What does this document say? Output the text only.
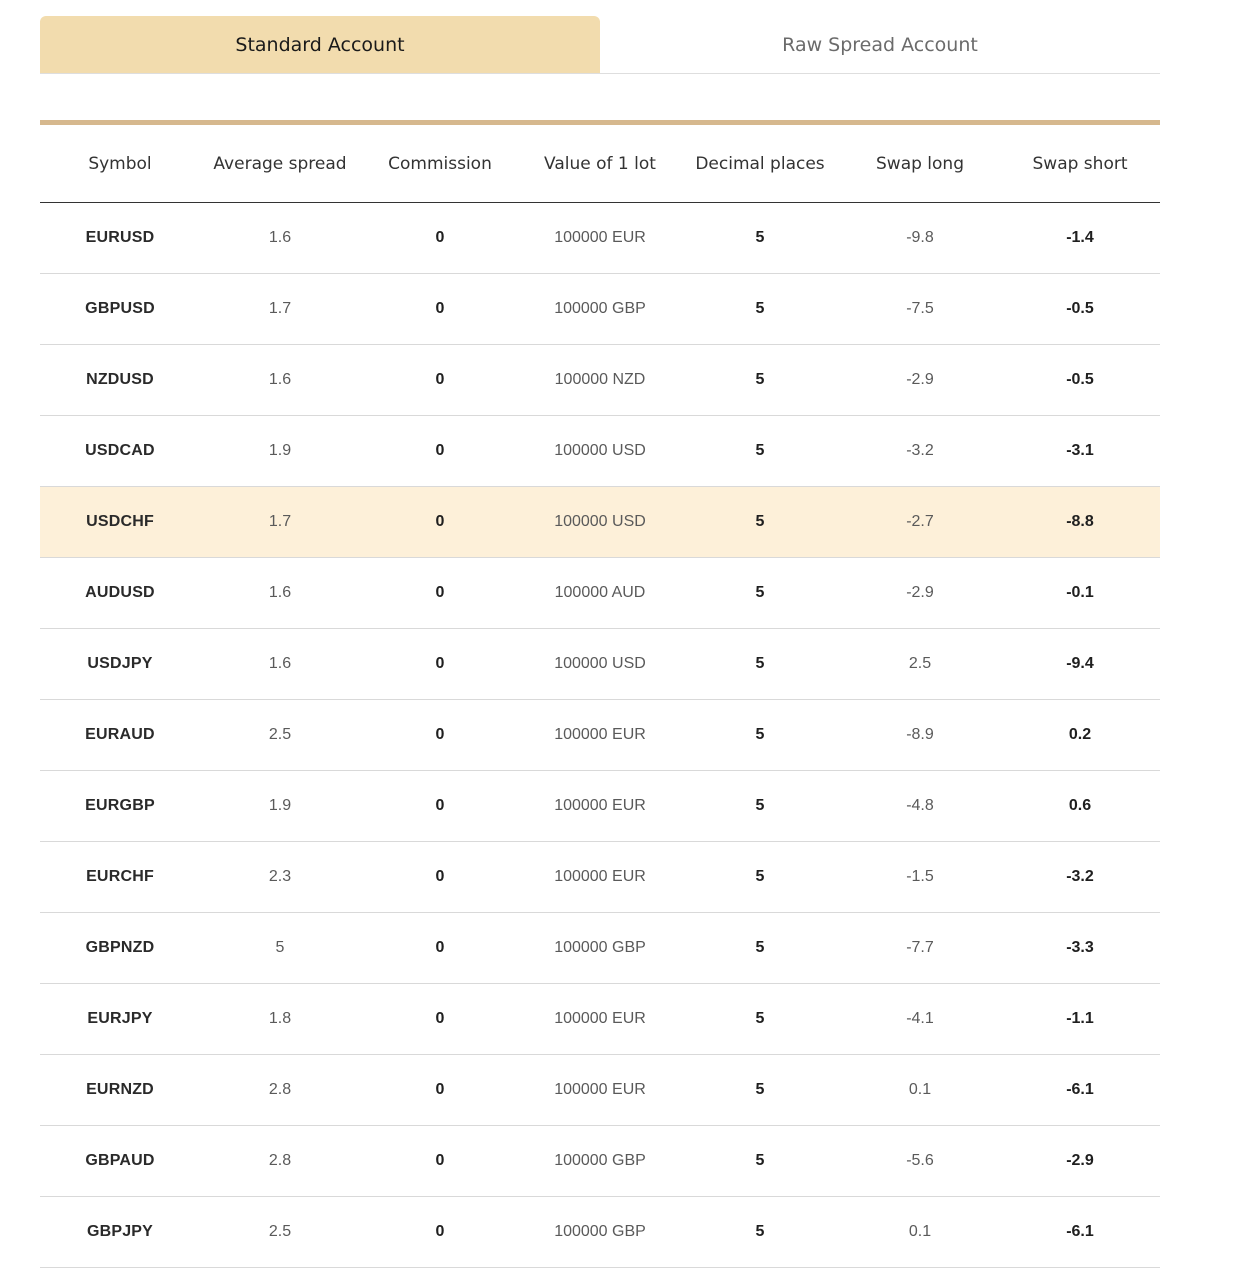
Standard Account	Raw Spread Account
Symbol	Average spread	Commission	Value of 1 lot	Decimal places	Swap long	Swap short
EURUSD	1.6	0	100000 EUR	5	-9.8	-1.4
GBPUSD	1.7	0	100000 GBP	5	-7.5	-0.5
NZDUSD	1.6	0	100000 NZD	5	-2.9	-0.5
USDCAD	1.9	0	100000 USD	5	-3.2	-3.1
USDCHF	1.7	0	100000 USD	5	-2.7	-8.8
AUDUSD	1.6	0	100000 AUD	5	-2.9	-0.1
USDJPY	1.6	0	100000 USD	5	2.5	-9.4
EURAUD	2.5	0	100000 EUR	5	-8.9	0.2
EURGBP	1.9	0	100000 EUR	5	-4.8	0.6
EURCHF	2.3	0	100000 EUR	5	-1.5	-3.2
GBPNZD	5	0	100000 GBP	5	-7.7	-3.3
EURJPY	1.8	0	100000 EUR	5	-4.1	-1.1
EURNZD	2.8	0	100000 EUR	5	0.1	-6.1
GBPAUD	2.8	0	100000 GBP	5	-5.6	-2.9
GBPJPY	2.5	0	100000 GBP	5	0.1	-6.1
